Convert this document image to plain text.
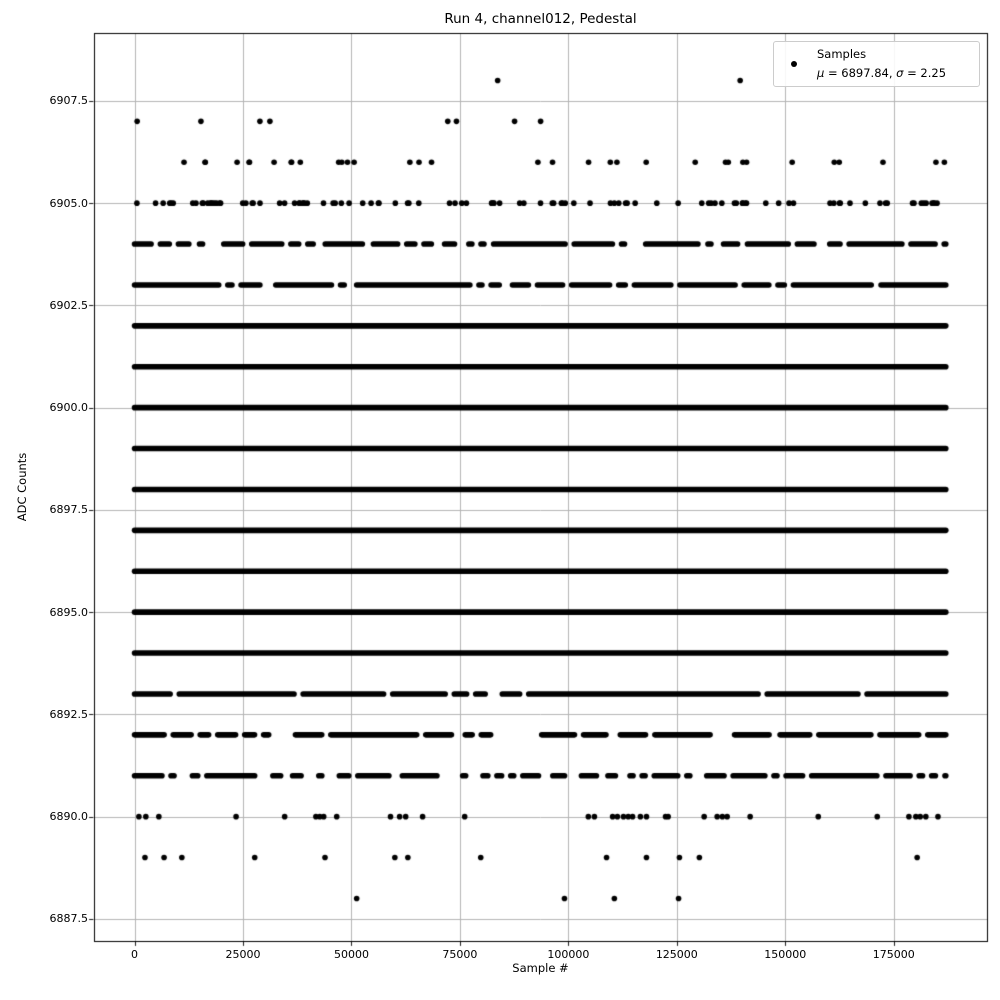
Run 4, channel012, Pedestal
6887.5
6890.0
6892.5
6895.0
6897.5
6900.0
6902.5
6905.0
6907.5
0	25000	50000	75000	100000	125000	150000	175000
Sample #
ADC Counts
Samples
μ = 6897.84, σ = 2.25
